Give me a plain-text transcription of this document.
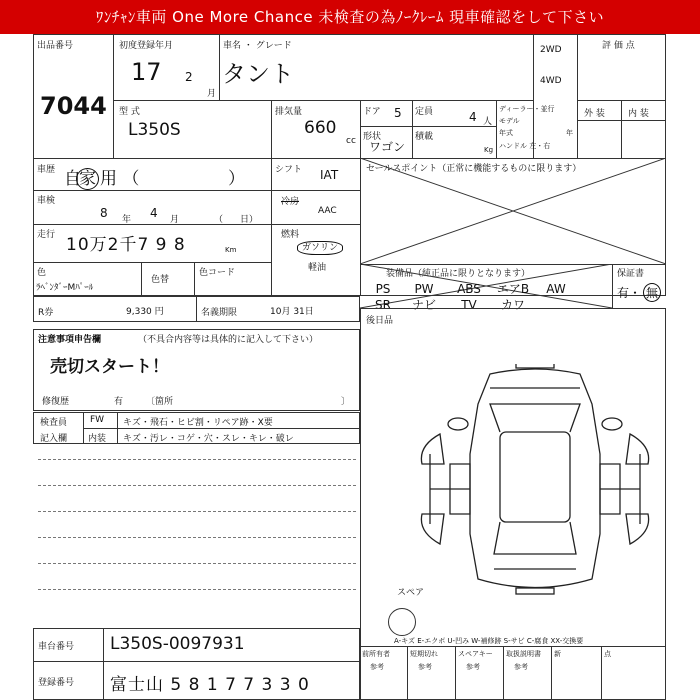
ﾜﾝﾁｬﾝ車両 One More Chance 未検査の為ﾉｰｸﾚｰﾑ 現車確認をして下さい
出品番号
7044
初度登録年月
17 2
月
車名 ・ グレード
タント
2WD
4WD
評 価 点
外 装	内 装
型 式
L350S
排気量
660
cc
ドア 5 定員	4 人
形状
ワゴン
積載
Kg
ディーラー・並行
モデル
年式	年
ハンドル 左・右
車歴 家
自 用 （	）	シフト IAT
車検
8 年 4 月	（ 日）
冷房
AAC
走行 10万2千7 9 8	Km
燃料
ガソリン
軽油
色
ﾗﾍﾞﾝﾀﾞｰMﾊﾟｰﾙ
色替
色コード
セールスポイント（正常に機能するものに限ります）
装備品（純正品に限りとなります）
PS PW ABS エアB AW
SR ナビ TV カワ
保証書
有・ 無
R券	9,330 円	名義期限	10月 31日
後日品
注意事項申告欄	（不具合内容等は具体的に記入して下さい）
売切スタート！
修復歴	有	〔箇所	〕
検査員
記入欄
FW キズ・飛石・ヒビ割・リペア跡・X要
内装 キズ・汚レ・コゲ・穴・スレ・キレ・破レ
スペア
車台番号 L350S-0097931
登録番号 富士山 5 8 1 7 7 3 3 0
A-キズ E-エクボ U-凹み W-補修跡 S-サビ C-腐食 XX-交換要
前所有者
参考
短期切れ
参考
スペアキー
参考
取扱説明書
参考
新	点
